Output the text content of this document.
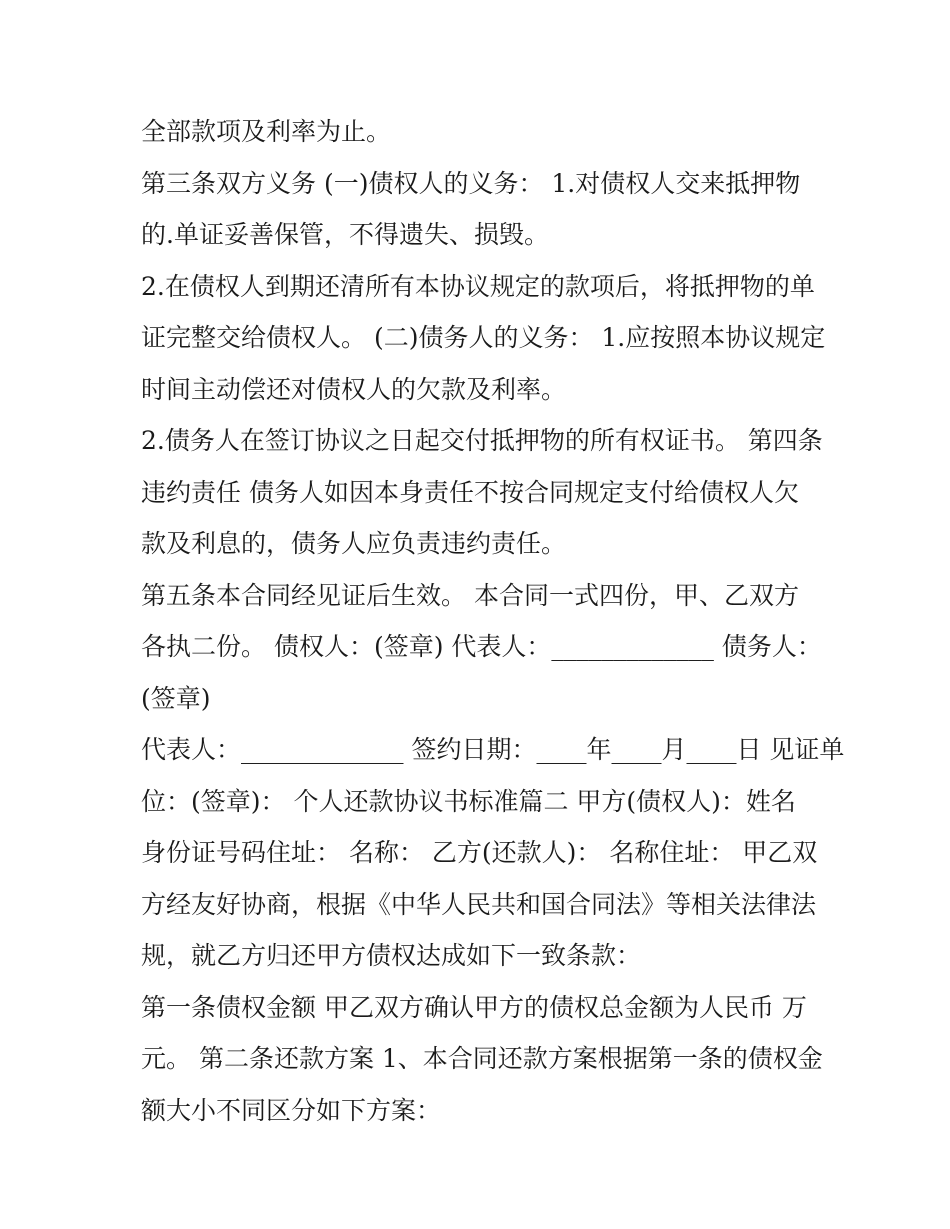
全部款项及利率为止。
第三条双方义务 (一)债权人的义务： 1.对债权人交来抵押物
的.单证妥善保管，不得遗失、损毁。
2.在债权人到期还清所有本协议规定的款项后，将抵押物的单
证完整交给债权人。 (二)债务人的义务： 1.应按照本协议规定
时间主动偿还对债权人的欠款及利率。
2.债务人在签订协议之日起交付抵押物的所有权证书。 第四条
违约责任 债务人如因本身责任不按合同规定支付给债权人欠
款及利息的，债务人应负责违约责任。
第五条本合同经见证后生效。 本合同一式四份，甲、乙双方
各执二份。 债权人：(签章) 代表人：_____________ 债务人：
(签章)
代表人：_____________ 签约日期：____年____月____日 见证单
位：(签章)： 个人还款协议书标准篇二 甲方(债权人)：姓名
身份证号码住址： 名称： 乙方(还款人)： 名称住址： 甲乙双
方经友好协商，根据《中华人民共和国合同法》等相关法律法
规，就乙方归还甲方债权达成如下一致条款：
第一条债权金额 甲乙双方确认甲方的债权总金额为人民币 万
元。 第二条还款方案 1、本合同还款方案根据第一条的债权金
额大小不同区分如下方案：
